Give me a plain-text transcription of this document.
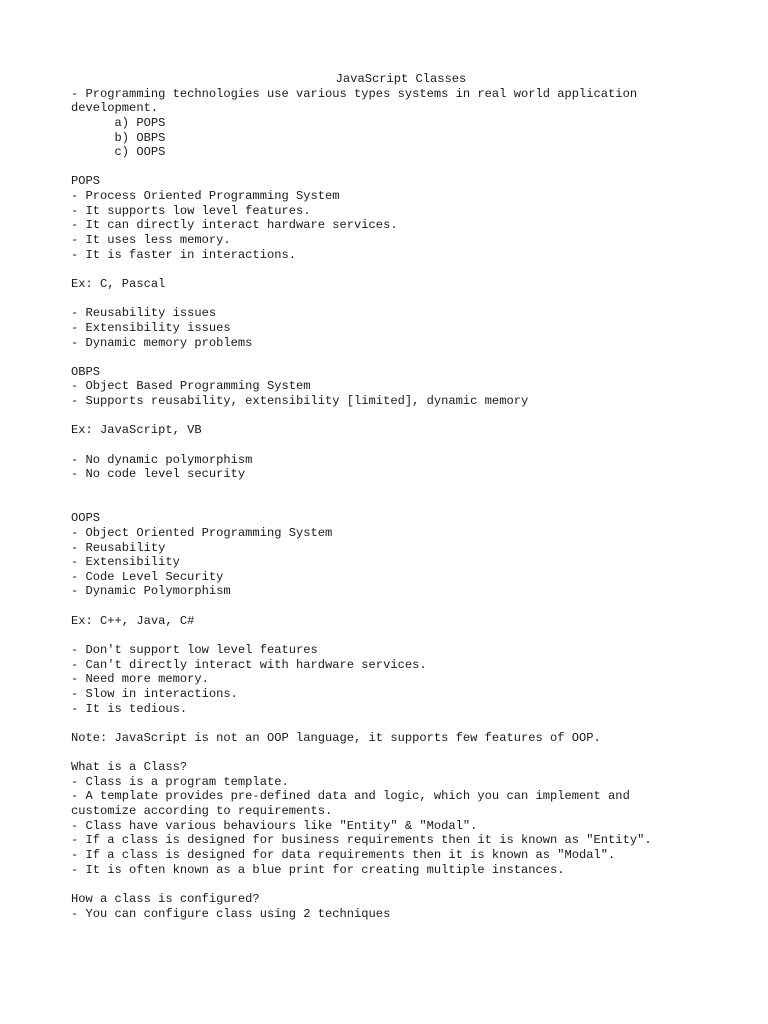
JavaScript Classes
- Programming technologies use various types systems in real world application
development.
a) POPS
b) OBPS
c) OOPS
POPS
- Process Oriented Programming System
- It supports low level features.
- It can directly interact hardware services.
- It uses less memory.
- It is faster in interactions.
Ex: C, Pascal
- Reusability issues
- Extensibility issues
- Dynamic memory problems
OBPS
- Object Based Programming System
- Supports reusability, extensibility [limited], dynamic memory
Ex: JavaScript, VB
- No dynamic polymorphism
- No code level security
OOPS
- Object Oriented Programming System
- Reusability
- Extensibility
- Code Level Security
- Dynamic Polymorphism
Ex: C++, Java, C#
- Don't support low level features
- Can't directly interact with hardware services.
- Need more memory.
- Slow in interactions.
- It is tedious.
Note: JavaScript is not an OOP language, it supports few features of OOP.
What is a Class?
- Class is a program template.
- A template provides pre-defined data and logic, which you can implement and
customize according to requirements.
- Class have various behaviours like "Entity" & "Modal".
- If a class is designed for business requirements then it is known as "Entity".
- If a class is designed for data requirements then it is known as "Modal".
- It is often known as a blue print for creating multiple instances.
How a class is configured?
- You can configure class using 2 techniques
